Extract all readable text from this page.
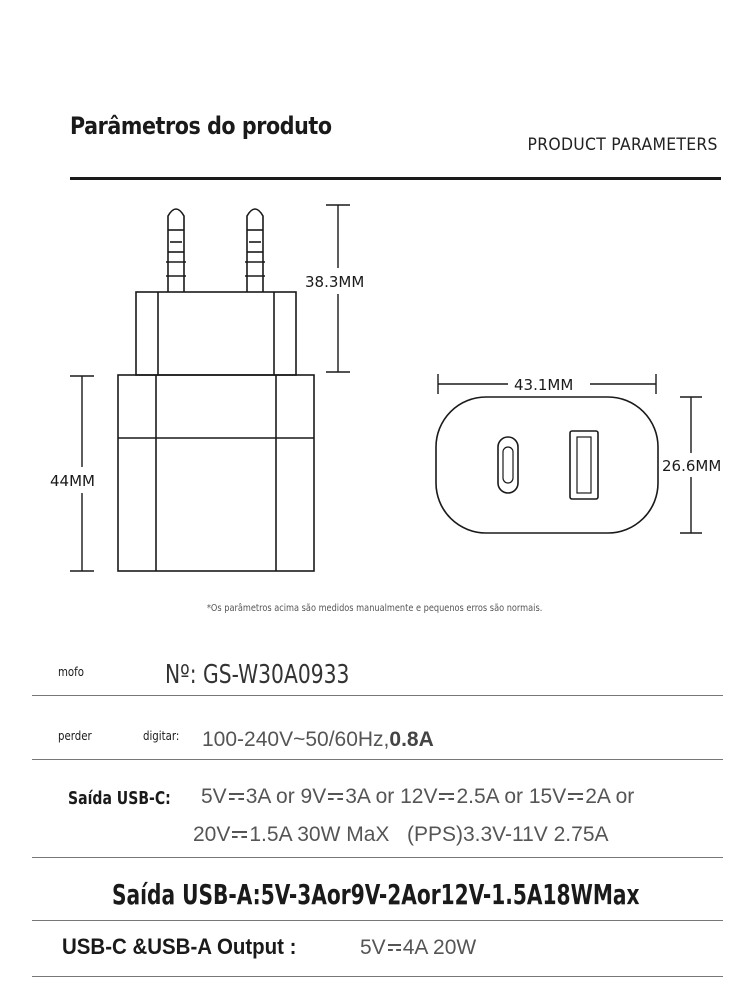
Parâmetros do produto
PRODUCT PARAMETERS
38.3MM
44MM
43.1MM
26.6MM
*Os parâmetros acima são medidos manualmente e pequenos erros são normais.
mofo	Nº: GS-W30A0933
perder	digitar:	100-240V~50/60Hz,0.8A
Saída USB-C:	5V 3A or 9V 3A or 12V 2.5A or 15V 2A or
20V 1.5A 30W MaX   (PPS)3.3V-11V 2.75A
Saída USB-A:5V-3Aor9V-2Aor12V-1.5A18WMax
USB-C &USB-A Output :	5V 4A 20W
